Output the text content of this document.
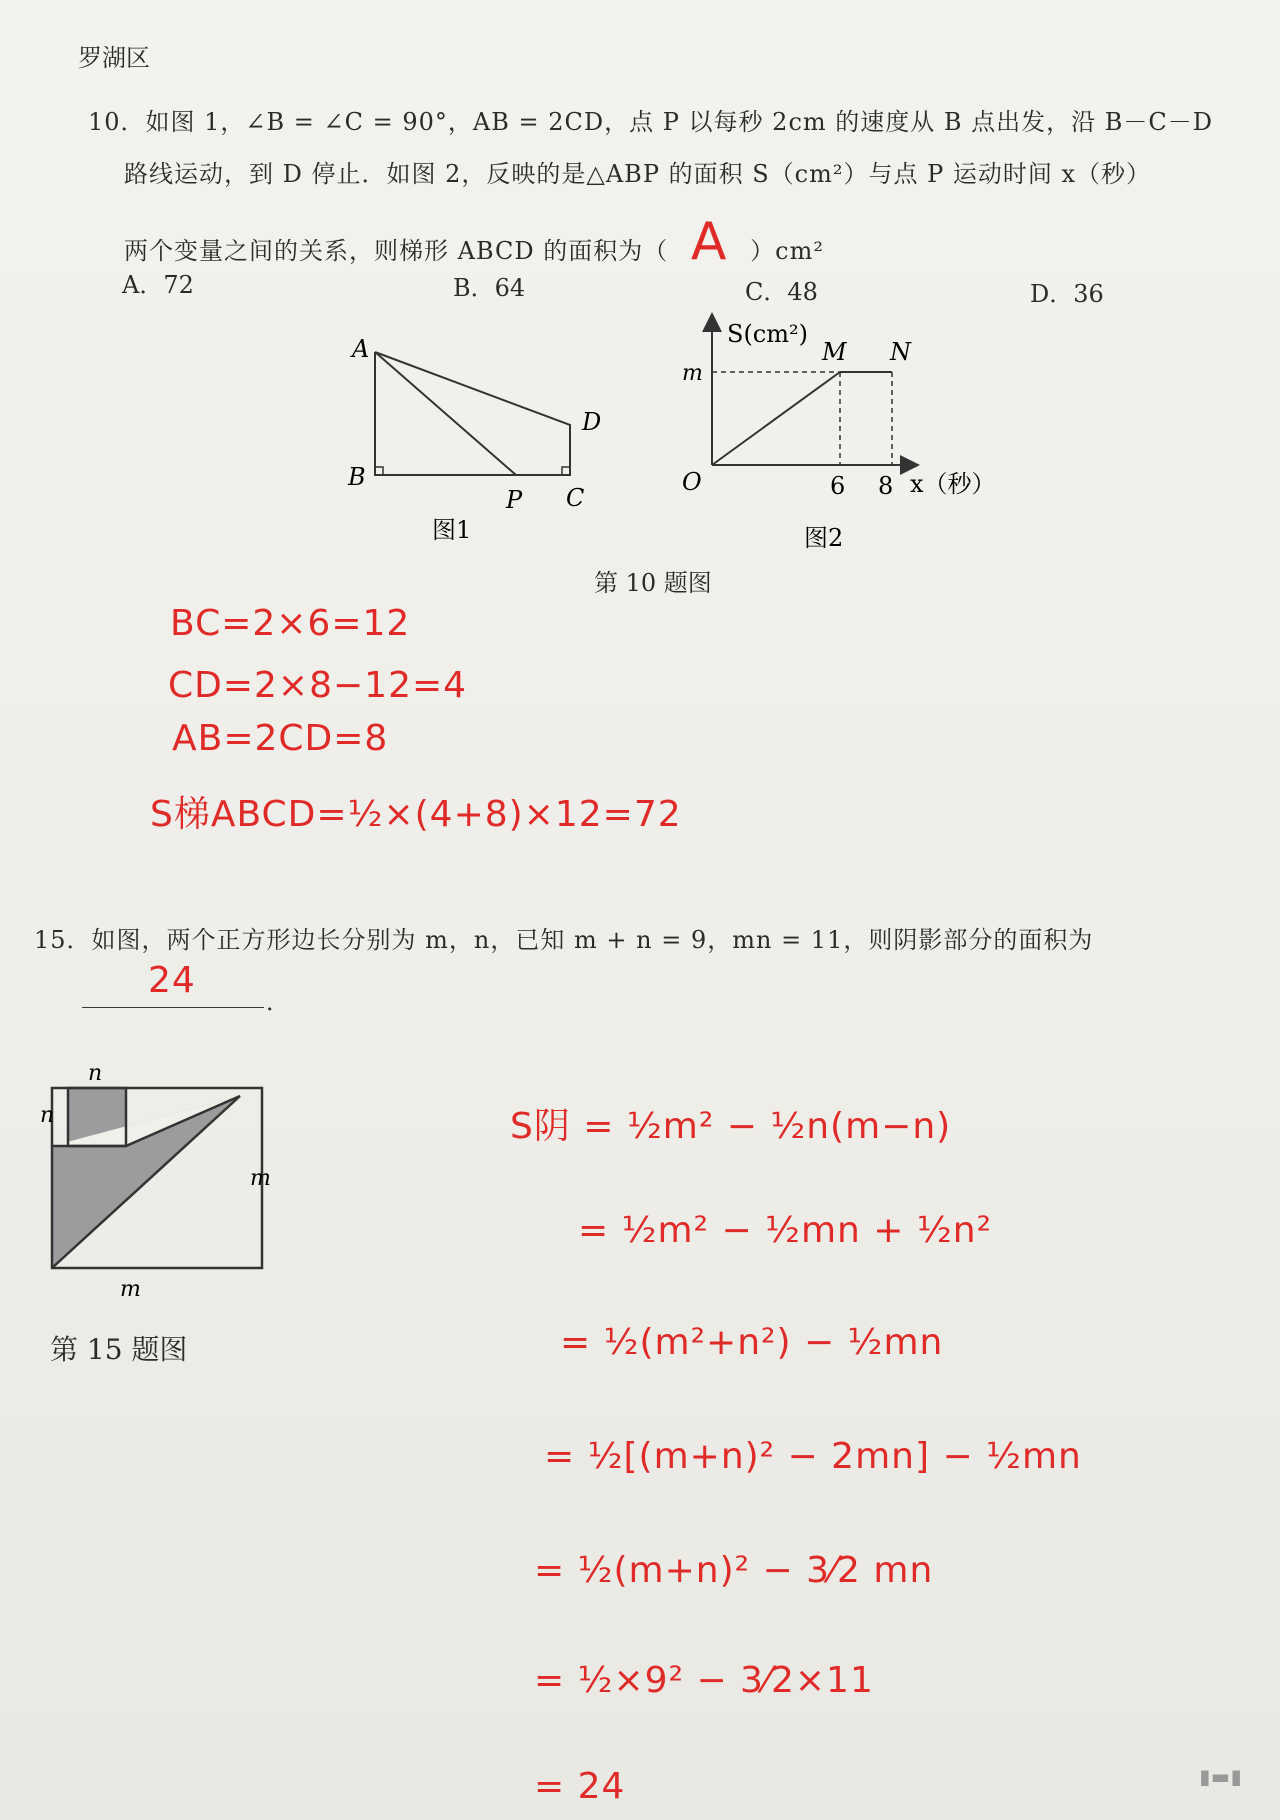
罗湖区
10．如图 1，∠B = ∠C = 90°，AB = 2CD，点 P 以每秒 2cm 的速度从 B 点出发，沿 B－C－D
路线运动，到 D 停止．如图 2，反映的是△ABP 的面积 S（cm²）与点 P 运动时间 x（秒）
两个变量之间的关系，则梯形 ABCD 的面积为（ A ）cm²
A．72	B．64	C．48	D．36
A
B
D
P C
图1
S(cm²)
m
M N
O	6 8 x（秒）
图2
第 10 题图
BC=2×6=12
CD=2×8−12=4
AB=2CD=8
S梯ABCD=½×(4+8)×12=72
15．如图，两个正方形边长分别为 m，n，已知 m + n = 9，mn = 11，则阴影部分的面积为
24
．
n
n
m
m
第 15 题图
S阴 = ½m² − ½n(m−n)
= ½m² − ½mn + ½n²
= ½(m²+n²) − ½mn
= ½[(m+n)² − 2mn] − ½mn
= ½(m+n)² − 3⁄2 mn
= ½×9² − 3⁄2×11
= 24	▮▬▮
